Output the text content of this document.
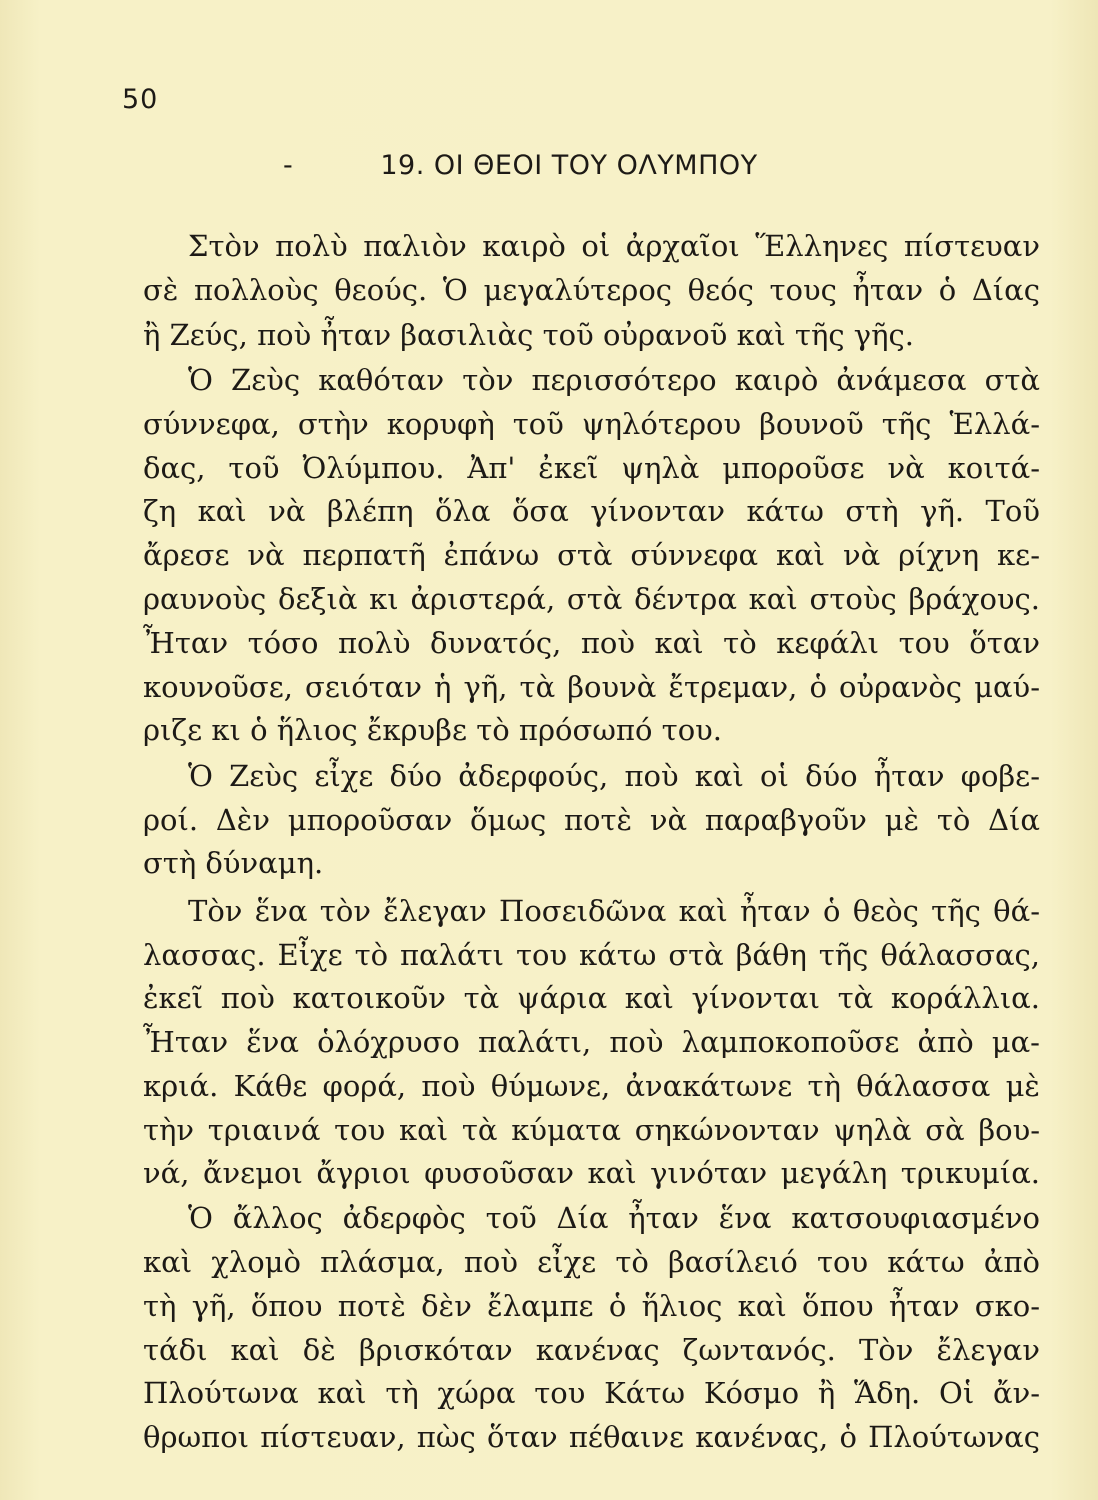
50
-	19. ΟΙ ΘΕΟΙ ΤΟΥ ΟΛΥΜΠΟΥ
Στὸν πολὺ παλιὸν καιρὸ οἱ ἀρχαῖοι Ἕλληνες πίστευαν
σὲ πολλοὺς θεούς. Ὁ μεγαλύτερος θεός τους ἦταν ὁ Δίας
ἢ Ζεύς, ποὺ ἦταν βασιλιὰς τοῦ οὐρανοῦ καὶ τῆς γῆς.
Ὁ Ζεὺς καθόταν τὸν περισσότερο καιρὸ ἀνάμεσα στὰ
σύννεφα, στὴν κορυφὴ τοῦ ψηλότερου βουνοῦ τῆς Ἑλλά-
δας, τοῦ Ὀλύμπου. Ἀπ' ἐκεῖ ψηλὰ μποροῦσε νὰ κοιτά-
ζη καὶ νὰ βλέπη ὅλα ὅσα γίνονταν κάτω στὴ γῆ. Τοῦ
ἄρεσε νὰ περπατῆ ἐπάνω στὰ σύννεφα καὶ νὰ ρίχνη κε-
ραυνοὺς δεξιὰ κι ἀριστερά, στὰ δέντρα καὶ στοὺς βράχους.
Ἦταν τόσο πολὺ δυνατός, ποὺ καὶ τὸ κεφάλι του ὅταν
κουνοῦσε, σειόταν ἡ γῆ, τὰ βουνὰ ἔτρεμαν, ὁ οὐρανὸς μαύ-
ριζε κι ὁ ἥλιος ἔκρυβε τὸ πρόσωπό του.
Ὁ Ζεὺς εἶχε δύο ἀδερφούς, ποὺ καὶ οἱ δύο ἦταν φοβε-
ροί. Δὲν μποροῦσαν ὅμως ποτὲ νὰ παραβγοῦν μὲ τὸ Δία
στὴ δύναμη.
Τὸν ἕνα τὸν ἔλεγαν Ποσειδῶνα καὶ ἦταν ὁ θεὸς τῆς θά-
λασσας. Εἶχε τὸ παλάτι του κάτω στὰ βάθη τῆς θάλασσας,
ἐκεῖ ποὺ κατοικοῦν τὰ ψάρια καὶ γίνονται τὰ κοράλλια.
Ἦταν ἕνα ὁλόχρυσο παλάτι, ποὺ λαμποκοποῦσε ἀπὸ μα-
κριά. Κάθε φορά, ποὺ θύμωνε, ἀνακάτωνε τὴ θάλασσα μὲ
τὴν τριαινά του καὶ τὰ κύματα σηκώνονταν ψηλὰ σὰ βου-
νά, ἄνεμοι ἄγριοι φυσοῦσαν καὶ γινόταν μεγάλη τρικυμία.
Ὁ ἄλλος ἀδερφὸς τοῦ Δία ἦταν ἕνα κατσουφιασμένο
καὶ χλομὸ πλάσμα, ποὺ εἶχε τὸ βασίλειό του κάτω ἀπὸ
τὴ γῆ, ὅπου ποτὲ δὲν ἔλαμπε ὁ ἥλιος καὶ ὅπου ἦταν σκο-
τάδι καὶ δὲ βρισκόταν κανένας ζωντανός. Τὸν ἔλεγαν
Πλούτωνα καὶ τὴ χώρα του Κάτω Κόσμο ἢ Ἅδη. Οἱ ἄν-
θρωποι πίστευαν, πὼς ὅταν πέθαινε κανένας, ὁ Πλούτωνας
